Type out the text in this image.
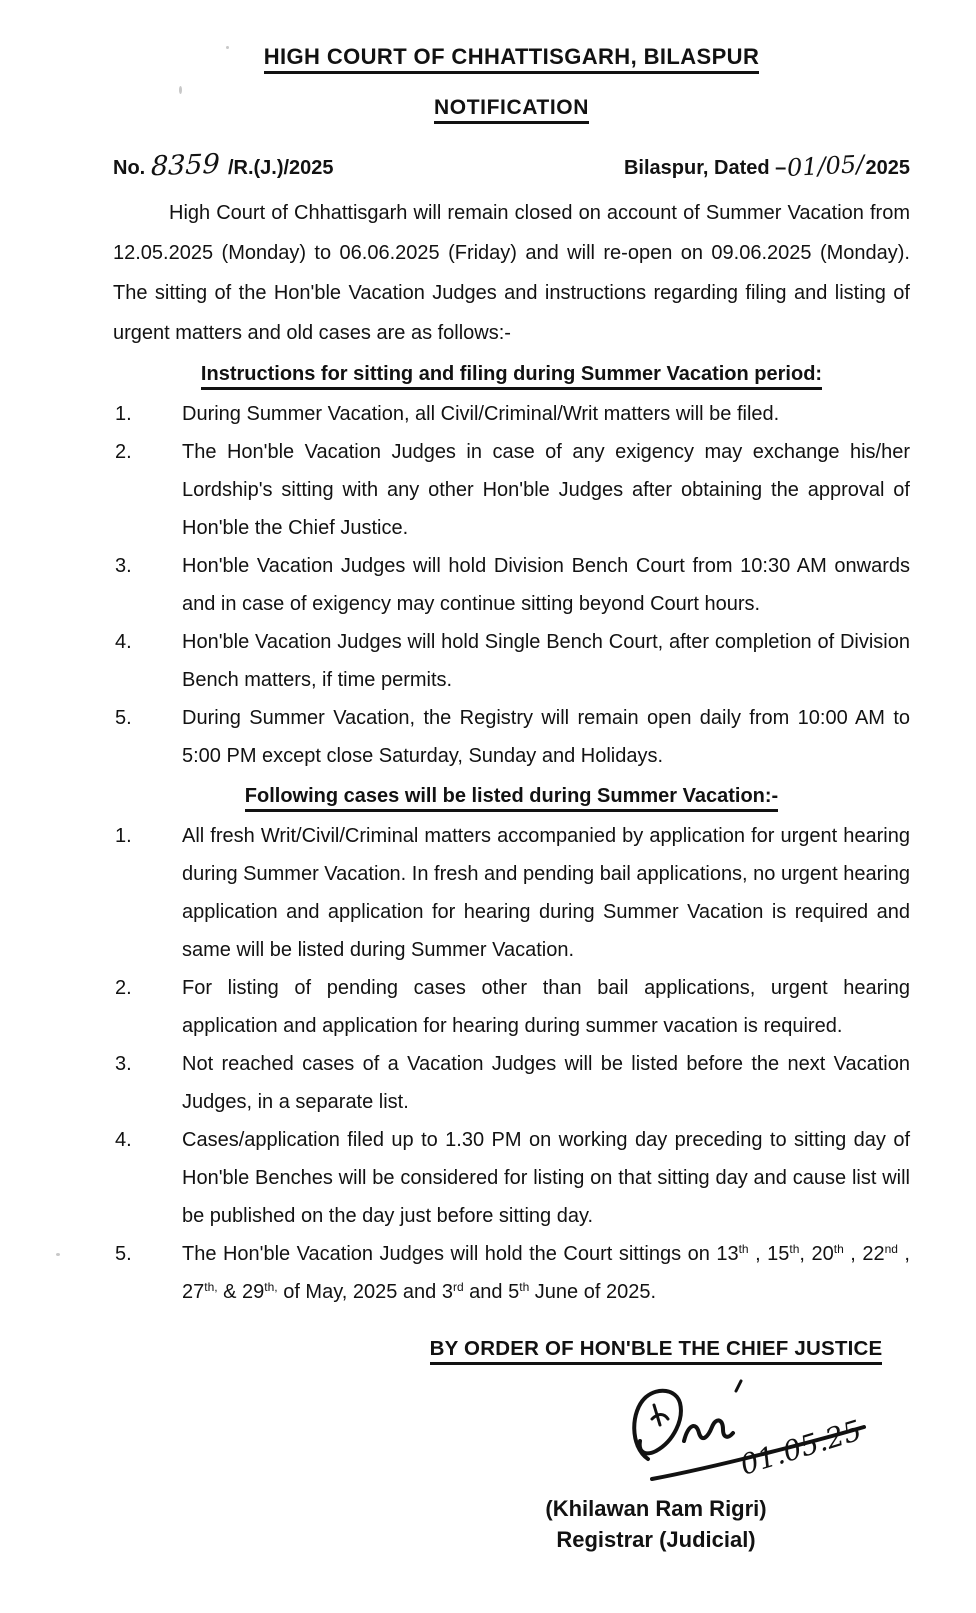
HIGH COURT OF CHHATTISGARH, BILASPUR
NOTIFICATION
No. 8359 /R.(J.)/2025	Bilaspur, Dated –01/05/2025
High Court of Chhattisgarh will remain closed on account of Summer Vacation from 12.05.2025 (Monday) to 06.06.2025 (Friday) and will re-open on 09.06.2025 (Monday). The sitting of the Hon'ble Vacation Judges and instructions regarding filing and listing of urgent matters and old cases are as follows:-
Instructions for sitting and filing during Summer Vacation period:
1.	During Summer Vacation, all Civil/Criminal/Writ matters will be filed.
2.	The Hon'ble Vacation Judges in case of any exigency may exchange his/her Lordship's sitting with any other Hon'ble Judges after obtaining the approval of Hon'ble the Chief Justice.
3.	Hon'ble Vacation Judges will hold Division Bench Court from 10:30 AM onwards and in case of exigency may continue sitting beyond Court hours.
4.	Hon'ble Vacation Judges will hold Single Bench Court, after completion of Division Bench matters, if time permits.
5.	During Summer Vacation, the Registry will remain open daily from 10:00 AM to 5:00 PM except close Saturday, Sunday and Holidays.
Following cases will be listed during Summer Vacation:-
1.	All fresh Writ/Civil/Criminal matters accompanied by application for urgent hearing during Summer Vacation. In fresh and pending bail applications, no urgent hearing application and application for hearing during Summer Vacation is required and same will be listed during Summer Vacation.
2.	For listing of pending cases other than bail applications, urgent hearing application and application for hearing during summer vacation is required.
3.	Not reached cases of a Vacation Judges will be listed before the next Vacation Judges, in a separate list.
4.	Cases/application filed up to 1.30 PM on working day preceding to sitting day of Hon'ble Benches will be considered for listing on that sitting day and cause list will be published on the day just before sitting day.
5.	The Hon'ble Vacation Judges will hold the Court sittings on 13th , 15th, 20th , 22nd , $27^{th,}$ & $29^{th,}$ of May, 2025 and 3rd and 5th June of 2025.
BY ORDER OF HON'BLE THE CHIEF JUSTICE
01.05.25
(Khilawan Ram Rigri)
Registrar (Judicial)
